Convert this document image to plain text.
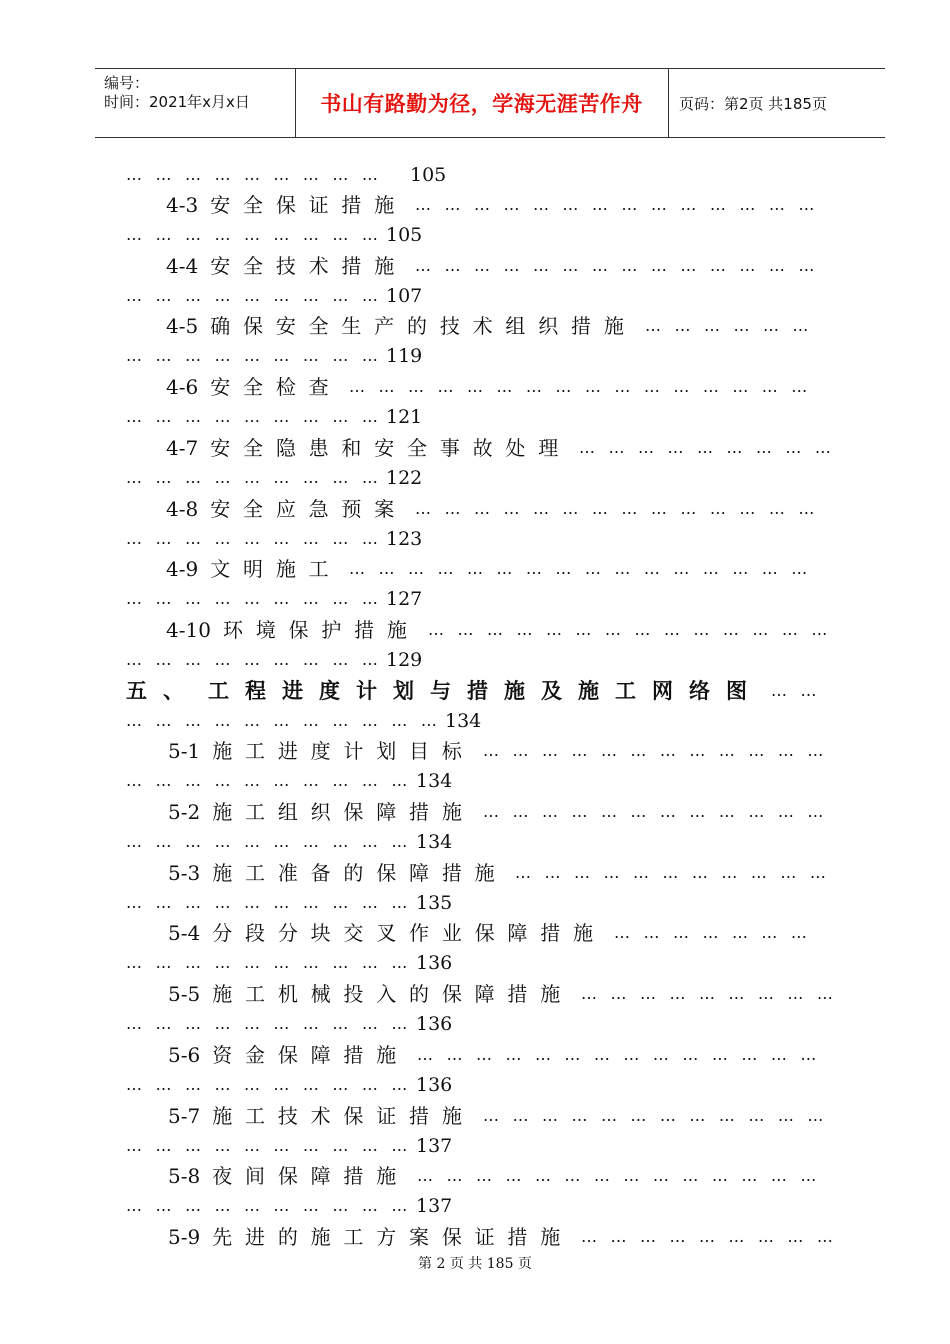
编号：
时间：2021年x月x日	书山有路勤为径，学海无涯苦作舟 页码：第2页 共185页
… … … … … … … … … 105
4-3 安全保证措施 … … … … … … … … … … … … … …
… … … … … … … … … 105
4-4 安全技术措施 … … … … … … … … … … … … … …
… … … … … … … … … 107
4-5 确保安全生产的技术组织措施 … … … … … …
… … … … … … … … … 119
4-6 安全检查 … … … … … … … … … … … … … … … …
… … … … … … … … … 121
4-7 安全隐患和安全事故处理 … … … … … … … … …
… … … … … … … … … 122
4-8 安全应急预案 … … … … … … … … … … … … … …
… … … … … … … … … 123
4-9 文明施工 … … … … … … … … … … … … … … … …
… … … … … … … … … 127
4-10 环境保护措施 … … … … … … … … … … … … … …
… … … … … … … … … 129
五、 工程进度计划与措施及施工网络图 … …
… … … … … … … … … … … 134
5-1 施工进度计划目标 … … … … … … … … … … … …
… … … … … … … … … … 134
5-2 施工组织保障措施 … … … … … … … … … … … …
… … … … … … … … … … 134
5-3 施工准备的保障措施 … … … … … … … … … … …
… … … … … … … … … … 135
5-4 分段分块交叉作业保障措施 … … … … … … …
… … … … … … … … … … 136
5-5 施工机械投入的保障措施 … … … … … … … … …
… … … … … … … … … … 136
5-6 资金保障措施 … … … … … … … … … … … … … …
… … … … … … … … … … 136
5-7 施工技术保证措施 … … … … … … … … … … … …
… … … … … … … … … … 137
5-8 夜间保障措施 … … … … … … … … … … … … … …
… … … … … … … … … … 137
5-9 先进的施工方案保证措施 … … … … … … … … …
第 2 页 共 185 页
